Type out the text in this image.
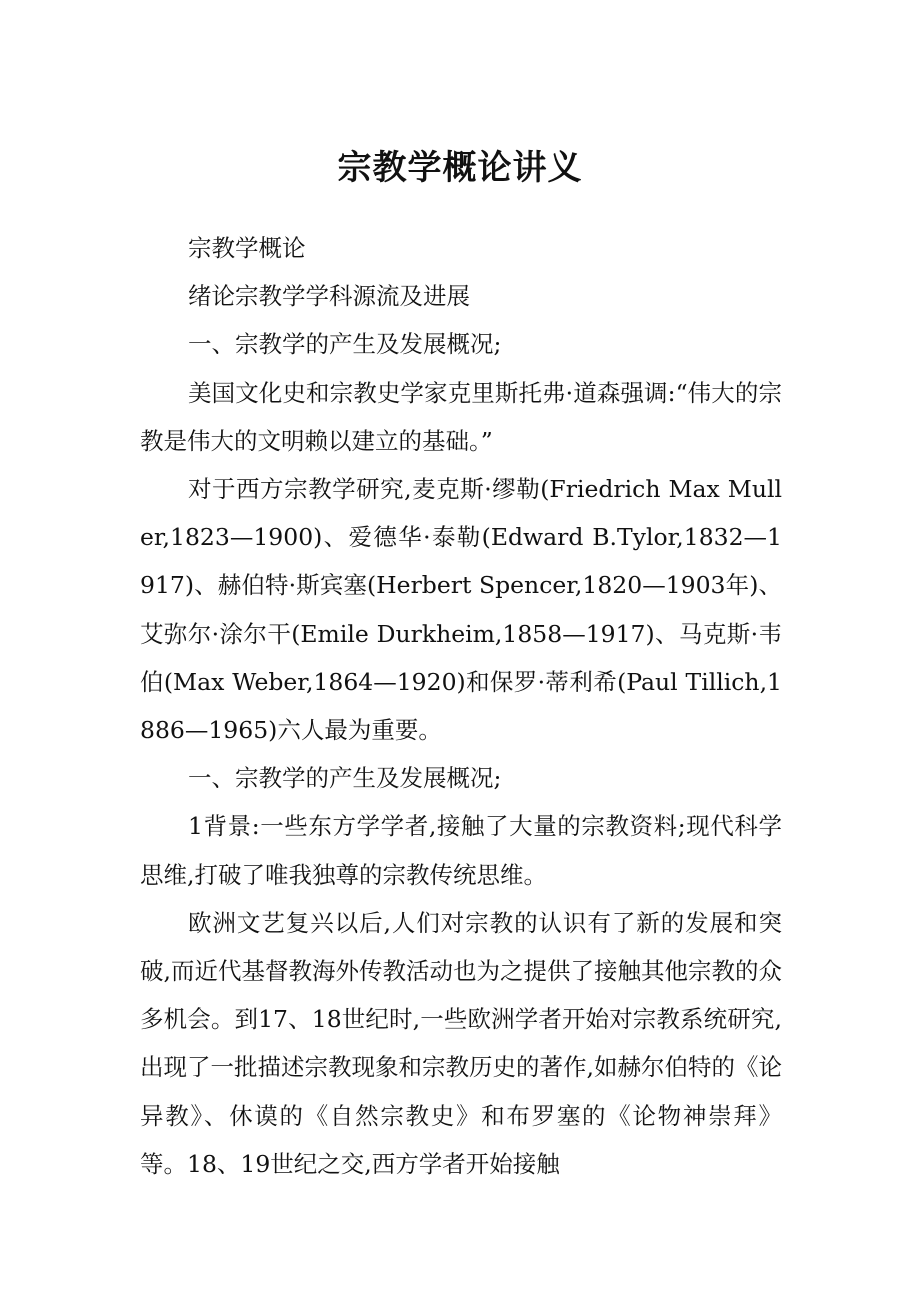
宗教学概论讲义

宗教学概论

绪论宗教学学科源流及进展

一、宗教学的产生及发展概况;

美国文化史和宗教史学家克里斯托弗·道森强调:“伟大的宗教是伟大的文明赖以建立的基础。”

对于西方宗教学研究,麦克斯·缪勒(Friedrich Max Muller,1823—1900)、爱德华·泰勒(Edward B.Tylor,1832—1917)、赫伯特·斯宾塞(Herbert Spencer,1820—1903年)、艾弥尔·涂尔干(Emile Durkheim,1858—1917)、马克斯·韦伯(Max Weber,1864—1920)和保罗·蒂利希(Paul Tillich,1886—1965)六人最为重要。

一、宗教学的产生及发展概况;

1背景:一些东方学学者,接触了大量的宗教资料;现代科学思维,打破了唯我独尊的宗教传统思维。

欧洲文艺复兴以后,人们对宗教的认识有了新的发展和突破,而近代基督教海外传教活动也为之提供了接触其他宗教的众多机会。到17、18世纪时,一些欧洲学者开始对宗教系统研究,出现了一批描述宗教现象和宗教历史的著作,如赫尔伯特的《论异教》、休谟的《自然宗教史》和布罗塞的《论物神崇拜》等。18、19世纪之交,西方学者开始接触
